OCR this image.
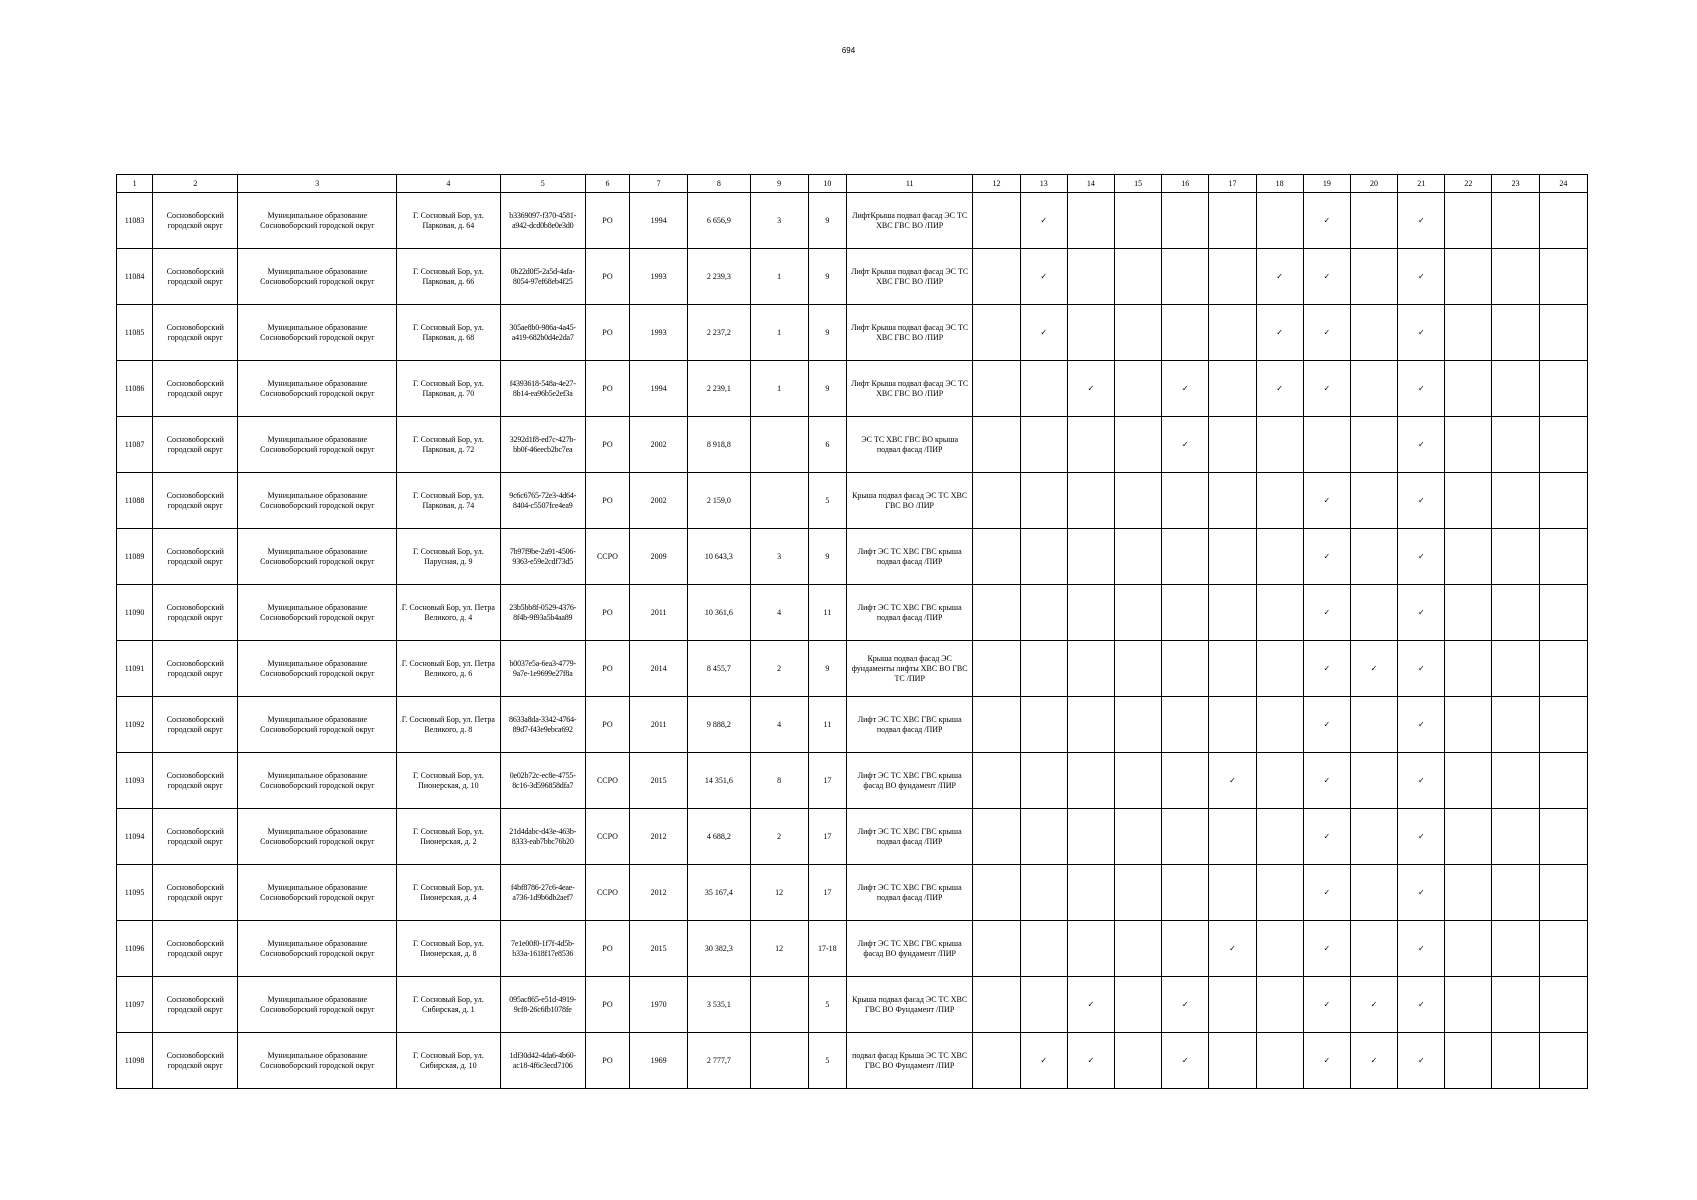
694
1	2	3	4	5	6	7	8	9	10	11	12	13	14	15	16	17	18	19	20	21	22	23	24
11083	Сосновоборский городской округ	Муниципальное образование Сосновоборский городской округ	Г. Сосновый Бор, ул. Парковая, д. 64	b3369097-f370-4581-a942-dcd0b8e0e3d0	РО	1994	6 656,9	3	9	ЛифтКрыша подвал фасад ЭС ТС ХВС ГВС ВО /ПИР		✓						✓		✓			
11084	Сосновоборский городской округ	Муниципальное образование Сосновоборский городской округ	Г. Сосновый Бор, ул. Парковая, д. 66	0b22d0f5-2a5d-4afa-8054-97ef68eb4f25	РО	1993	2 239,3	1	9	Лифт Крыша подвал фасад ЭС ТС ХВС ГВС ВО /ПИР		✓					✓	✓		✓			
11085	Сосновоборский городской округ	Муниципальное образование Сосновоборский городской округ	Г. Сосновый Бор, ул. Парковая, д. 68	305ae8b0-986a-4a45-a419-682b0d4e2da7	РО	1993	2 237,2	1	9	Лифт Крыша подвал фасад ЭС ТС ХВС ГВС ВО /ПИР		✓					✓	✓		✓			
11086	Сосновоборский городской округ	Муниципальное образование Сосновоборский городской округ	Г. Сосновый Бор, ул. Парковая, д. 70	f4393618-548a-4e27-8b14-ea96b5e2ef3a	РО	1994	2 239,1	1	9	Лифт Крыша подвал фасад ЭС ТС ХВС ГВС ВО /ПИР			✓		✓		✓	✓		✓			
11087	Сосновоборский городской округ	Муниципальное образование Сосновоборский городской округ	Г. Сосновый Бор, ул. Парковая, д. 72	3292d1f8-ed7c-427b-bb0f-46eecb2bc7ea	РО	2002	8 918,8		6	ЭС ТС ХВС ГВС ВО крыша подвал фасад /ПИР					✓					✓			
11088	Сосновоборский городской округ	Муниципальное образование Сосновоборский городской округ	Г. Сосновый Бор, ул. Парковая, д. 74	9c6c6765-72e3-4d64-8404-c5507fce4ea9	РО	2002	2 159,0		5	Крыша подвал фасад ЭС ТС ХВС ГВС ВО /ПИР								✓		✓			
11089	Сосновоборский городской округ	Муниципальное образование Сосновоборский городской округ	Г. Сосновый Бор, ул. Парусная, д. 9	7b97f9be-2a91-4506-9363-e59e2cdf73d5	ССРО	2009	10 643,3	3	9	Лифт ЭС ТС ХВС ГВС крыша подвал фасад /ПИР								✓		✓			
11090	Сосновоборский городской округ	Муниципальное образование Сосновоборский городской округ	Г. Сосновый Бор, ул. Петра Великого, д. 4	23b5bb8f-0529-4376-8f4b-9f93a5b4aa89	РО	2011	10 361,6	4	11	Лифт ЭС ТС ХВС ГВС крыша подвал фасад /ПИР								✓		✓			
11091	Сосновоборский городской округ	Муниципальное образование Сосновоборский городской округ	Г. Сосновый Бор, ул. Петра Великого, д. 6	b0037e5a-6ea3-4779-9a7e-1e9699e27f8a	РО	2014	8 455,7	2	9	Крыша подвал фасад ЭС фундаменты лифты ХВС ВО ГВС ТС /ПИР								✓	✓	✓			
11092	Сосновоборский городской округ	Муниципальное образование Сосновоборский городской округ	Г. Сосновый Бор, ул. Петра Великого, д. 8	8633a8da-3342-4764-89d7-f43e9ebca692	РО	2011	9 888,2	4	11	Лифт ЭС ТС ХВС ГВС крыша подвал фасад /ПИР								✓		✓			
11093	Сосновоборский городской округ	Муниципальное образование Сосновоборский городской округ	Г. Сосновый Бор, ул. Пионерская, д. 10	0e02b72c-ec8e-4755-8c16-3d596858dfa7	ССРО	2015	14 351,6	8	17	Лифт ЭС ТС ХВС ГВС крыша фасад ВО фундамент /ПИР						✓		✓		✓			
11094	Сосновоборский городской округ	Муниципальное образование Сосновоборский городской округ	Г. Сосновый Бор, ул. Пионерская, д. 2	21d4dabc-d43e-463b-8333-eab7bbc76b20	ССРО	2012	4 688,2	2	17	Лифт ЭС ТС ХВС ГВС крыша подвал фасад /ПИР								✓		✓			
11095	Сосновоборский городской округ	Муниципальное образование Сосновоборский городской округ	Г. Сосновый Бор, ул. Пионерская, д. 4	f4bf8786-27c6-4eae-a736-1d9b6db2aef7	ССРО	2012	35 167,4	12	17	Лифт ЭС ТС ХВС ГВС крыша подвал фасад /ПИР								✓		✓			
11096	Сосновоборский городской округ	Муниципальное образование Сосновоборский городской округ	Г. Сосновый Бор, ул. Пионерская, д. 8	7e1e00f0-1f7f-4d5b-b33a-1618f17e8536	РО	2015	30 382,3	12	17-18	Лифт ЭС ТС ХВС ГВС крыша фасад ВО фундамент /ПИР						✓		✓		✓			
11097	Сосновоборский городской округ	Муниципальное образование Сосновоборский городской округ	Г. Сосновый Бор, ул. Сибирская, д. 1	095ac865-e51d-4919-9cf8-26c6fb1078fe	РО	1970	3 535,1		5	Крыша подвал фасад ЭС ТС ХВС ГВС ВО Фундамент /ПИР			✓		✓			✓	✓	✓			
11098	Сосновоборский городской округ	Муниципальное образование Сосновоборский городской округ	Г. Сосновый Бор, ул. Сибирская, д. 10	1df30d42-4da6-4b60-ac18-4f6c3ecd7106	РО	1969	2 777,7		5	подвал фасад Крыша ЭС ТС ХВС ГВС ВО Фундамент /ПИР		✓	✓		✓			✓	✓	✓			
